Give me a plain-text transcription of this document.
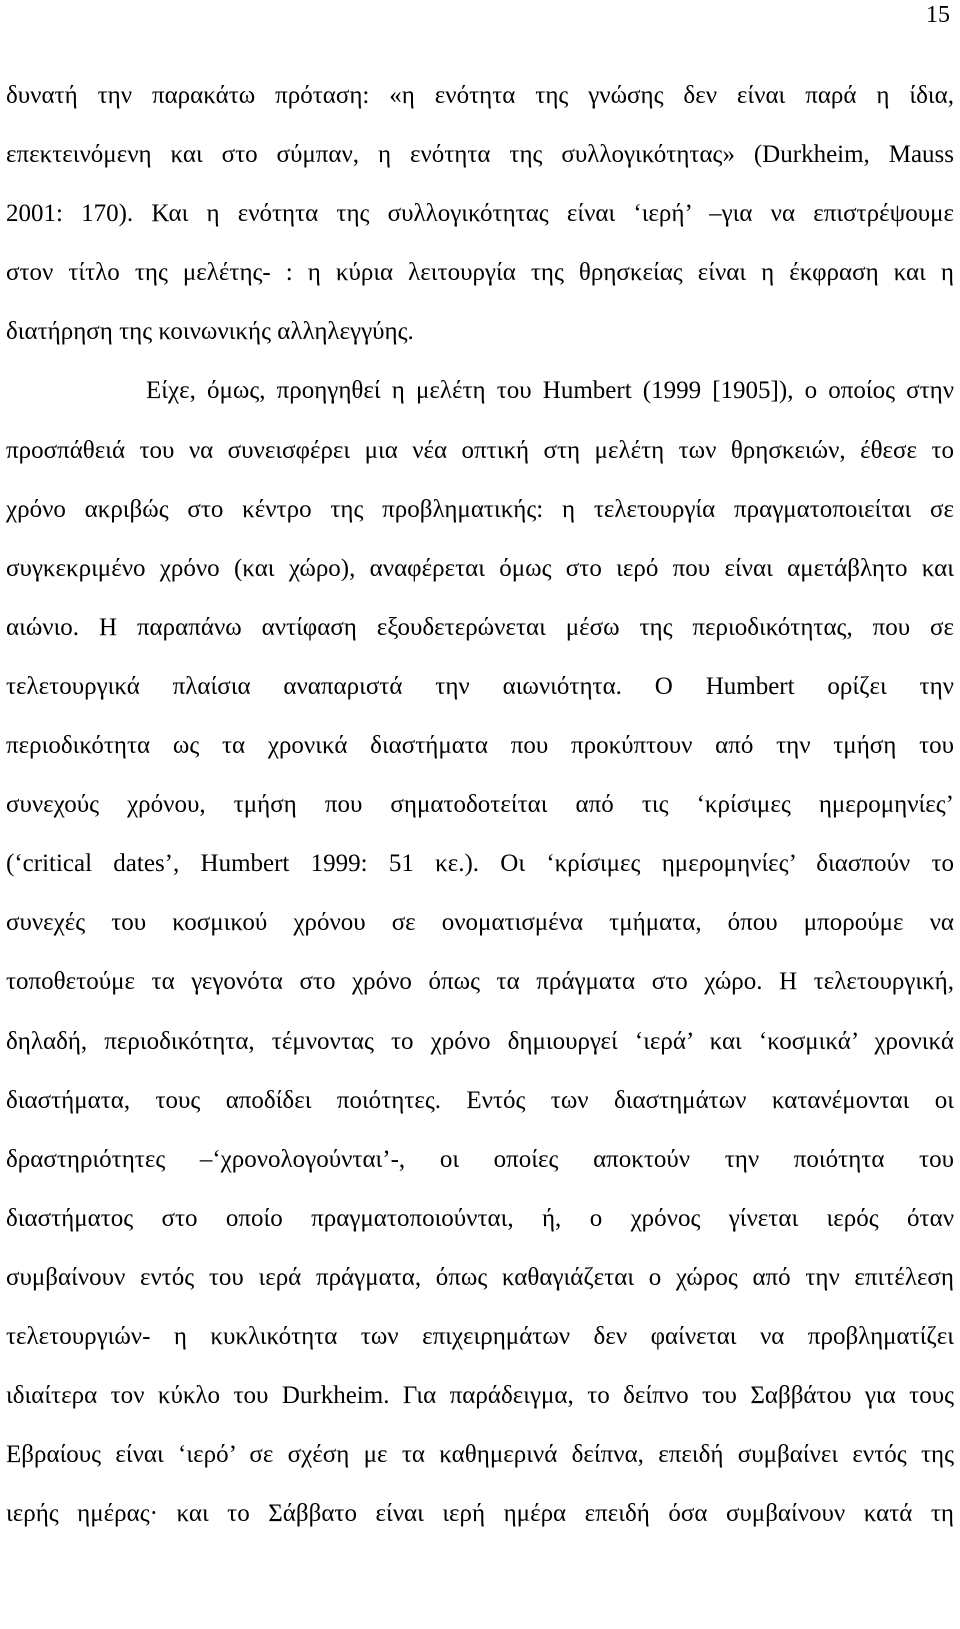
15
δυνατή την παρακάτω πρόταση: «η ενότητα της γνώσης δεν είναι παρά η ίδια,
επεκτεινόμενη και στο σύμπαν, η ενότητα της συλλογικότητας» (Durkheim, Mauss
2001: 170). Και η ενότητα της συλλογικότητας είναι ‘ιερή’ –για να επιστρέψουμε
στον τίτλο της μελέτης- : η κύρια λειτουργία της θρησκείας είναι η έκφραση και η
διατήρηση της κοινωνικής αλληλεγγύης.
Είχε, όμως, προηγηθεί η μελέτη του Humbert (1999 [1905]), ο οποίος στην
προσπάθειά του να συνεισφέρει μια νέα οπτική στη μελέτη των θρησκειών, έθεσε το
χρόνο ακριβώς στο κέντρο της προβληματικής: η τελετουργία πραγματοποιείται σε
συγκεκριμένο χρόνο (και χώρο), αναφέρεται όμως στο ιερό που είναι αμετάβλητο και
αιώνιο. Η παραπάνω αντίφαση εξουδετερώνεται μέσω της περιοδικότητας, που σε
τελετουργικά πλαίσια αναπαριστά την αιωνιότητα. Ο Humbert ορίζει την
περιοδικότητα ως τα χρονικά διαστήματα που προκύπτουν από την τμήση του
συνεχούς χρόνου, τμήση που σηματοδοτείται από τις ‘κρίσιμες ημερομηνίες’
(‘critical dates’, Humbert 1999: 51 κε.). Οι ‘κρίσιμες ημερομηνίες’ διασπούν το
συνεχές του κοσμικού χρόνου σε ονοματισμένα τμήματα, όπου μπορούμε να
τοποθετούμε τα γεγονότα στο χρόνο όπως τα πράγματα στο χώρο. Η τελετουργική,
δηλαδή, περιοδικότητα, τέμνοντας το χρόνο δημιουργεί ‘ιερά’ και ‘κοσμικά’ χρονικά
διαστήματα, τους αποδίδει ποιότητες. Εντός των διαστημάτων κατανέμονται οι
δραστηριότητες –‘χρονολογούνται’-, οι οποίες αποκτούν την ποιότητα του
διαστήματος στο οποίο πραγματοποιούνται, ή, ο χρόνος γίνεται ιερός όταν
συμβαίνουν εντός του ιερά πράγματα, όπως καθαγιάζεται ο χώρος από την επιτέλεση
τελετουργιών- η κυκλικότητα των επιχειρημάτων δεν φαίνεται να προβληματίζει
ιδιαίτερα τον κύκλο του Durkheim. Για παράδειγμα, το δείπνο του Σαββάτου για τους
Εβραίους είναι ‘ιερό’ σε σχέση με τα καθημερινά δείπνα, επειδή συμβαίνει εντός της
ιερής ημέρας· και το Σάββατο είναι ιερή ημέρα επειδή όσα συμβαίνουν κατά τη
